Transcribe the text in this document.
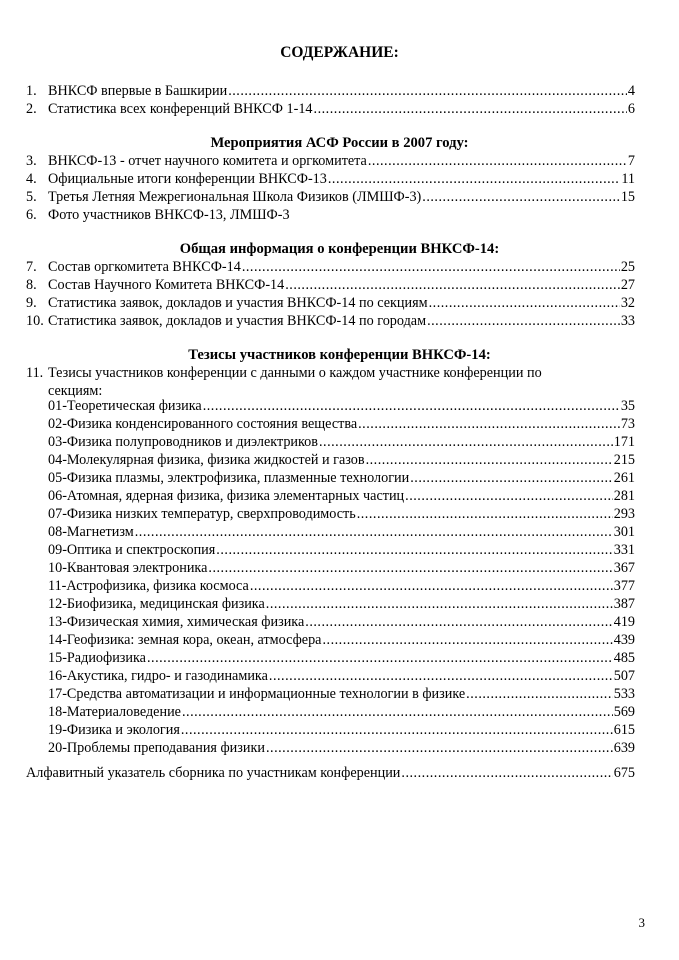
СОДЕРЖАНИЕ:
1. ВНКСФ впервые в Башкирии .....	4
2. Статистика всех конференций ВНКСФ 1-14 .....	6
Мероприятия АСФ России в 2007 году:
3. ВНКСФ-13 - отчет научного комитета и оргкомитета .....	7
4. Официальные итоги конференции ВНКСФ-13 .....	11
5. Третья Летняя Межрегиональная Школа Физиков (ЛМШФ-3) .....	15
6. Фото участников ВНКСФ-13, ЛМШФ-3
Общая информация о конференции ВНКСФ-14:
7. Состав оргкомитета ВНКСФ-14 .....	25
8. Состав Научного Комитета ВНКСФ-14 .....	27
9. Статистика заявок, докладов и участия ВНКСФ-14 по секциям .....	32
10. Статистика заявок, докладов и участия ВНКСФ-14 по городам .....	33
Тезисы участников конференции ВНКСФ-14:
11. Тезисы участников конференции с данными о каждом участнике конференции по
секциям:
01-Теоретическая физика .....	35
02-Физика конденсированного состояния вещества .....	73
03-Физика полупроводников и диэлектриков .....	171
04-Молекулярная физика, физика жидкостей и газов .....	215
05-Физика плазмы, электрофизика, плазменные технологии .....	261
06-Атомная, ядерная физика, физика элементарных частиц .....	281
07-Физика низких температур, сверхпроводимость .....	293
08-Магнетизм .....	301
09-Оптика и спектроскопия .....	331
10-Квантовая электроника .....	367
11-Астрофизика, физика космоса .....	377
12-Биофизика, медицинская физика .....	387
13-Физическая химия, химическая физика .....	419
14-Геофизика: земная кора, океан, атмосфера .....	439
15-Радиофизика .....	485
16-Акустика, гидро- и газодинамика .....	507
17-Средства автоматизации и информационные технологии в физике .....	533
18-Материаловедение .....	569
19-Физика и экология .....	615
20-Проблемы преподавания физики .....	639
Алфавитный указатель сборника по участникам конференции .....	675
3
